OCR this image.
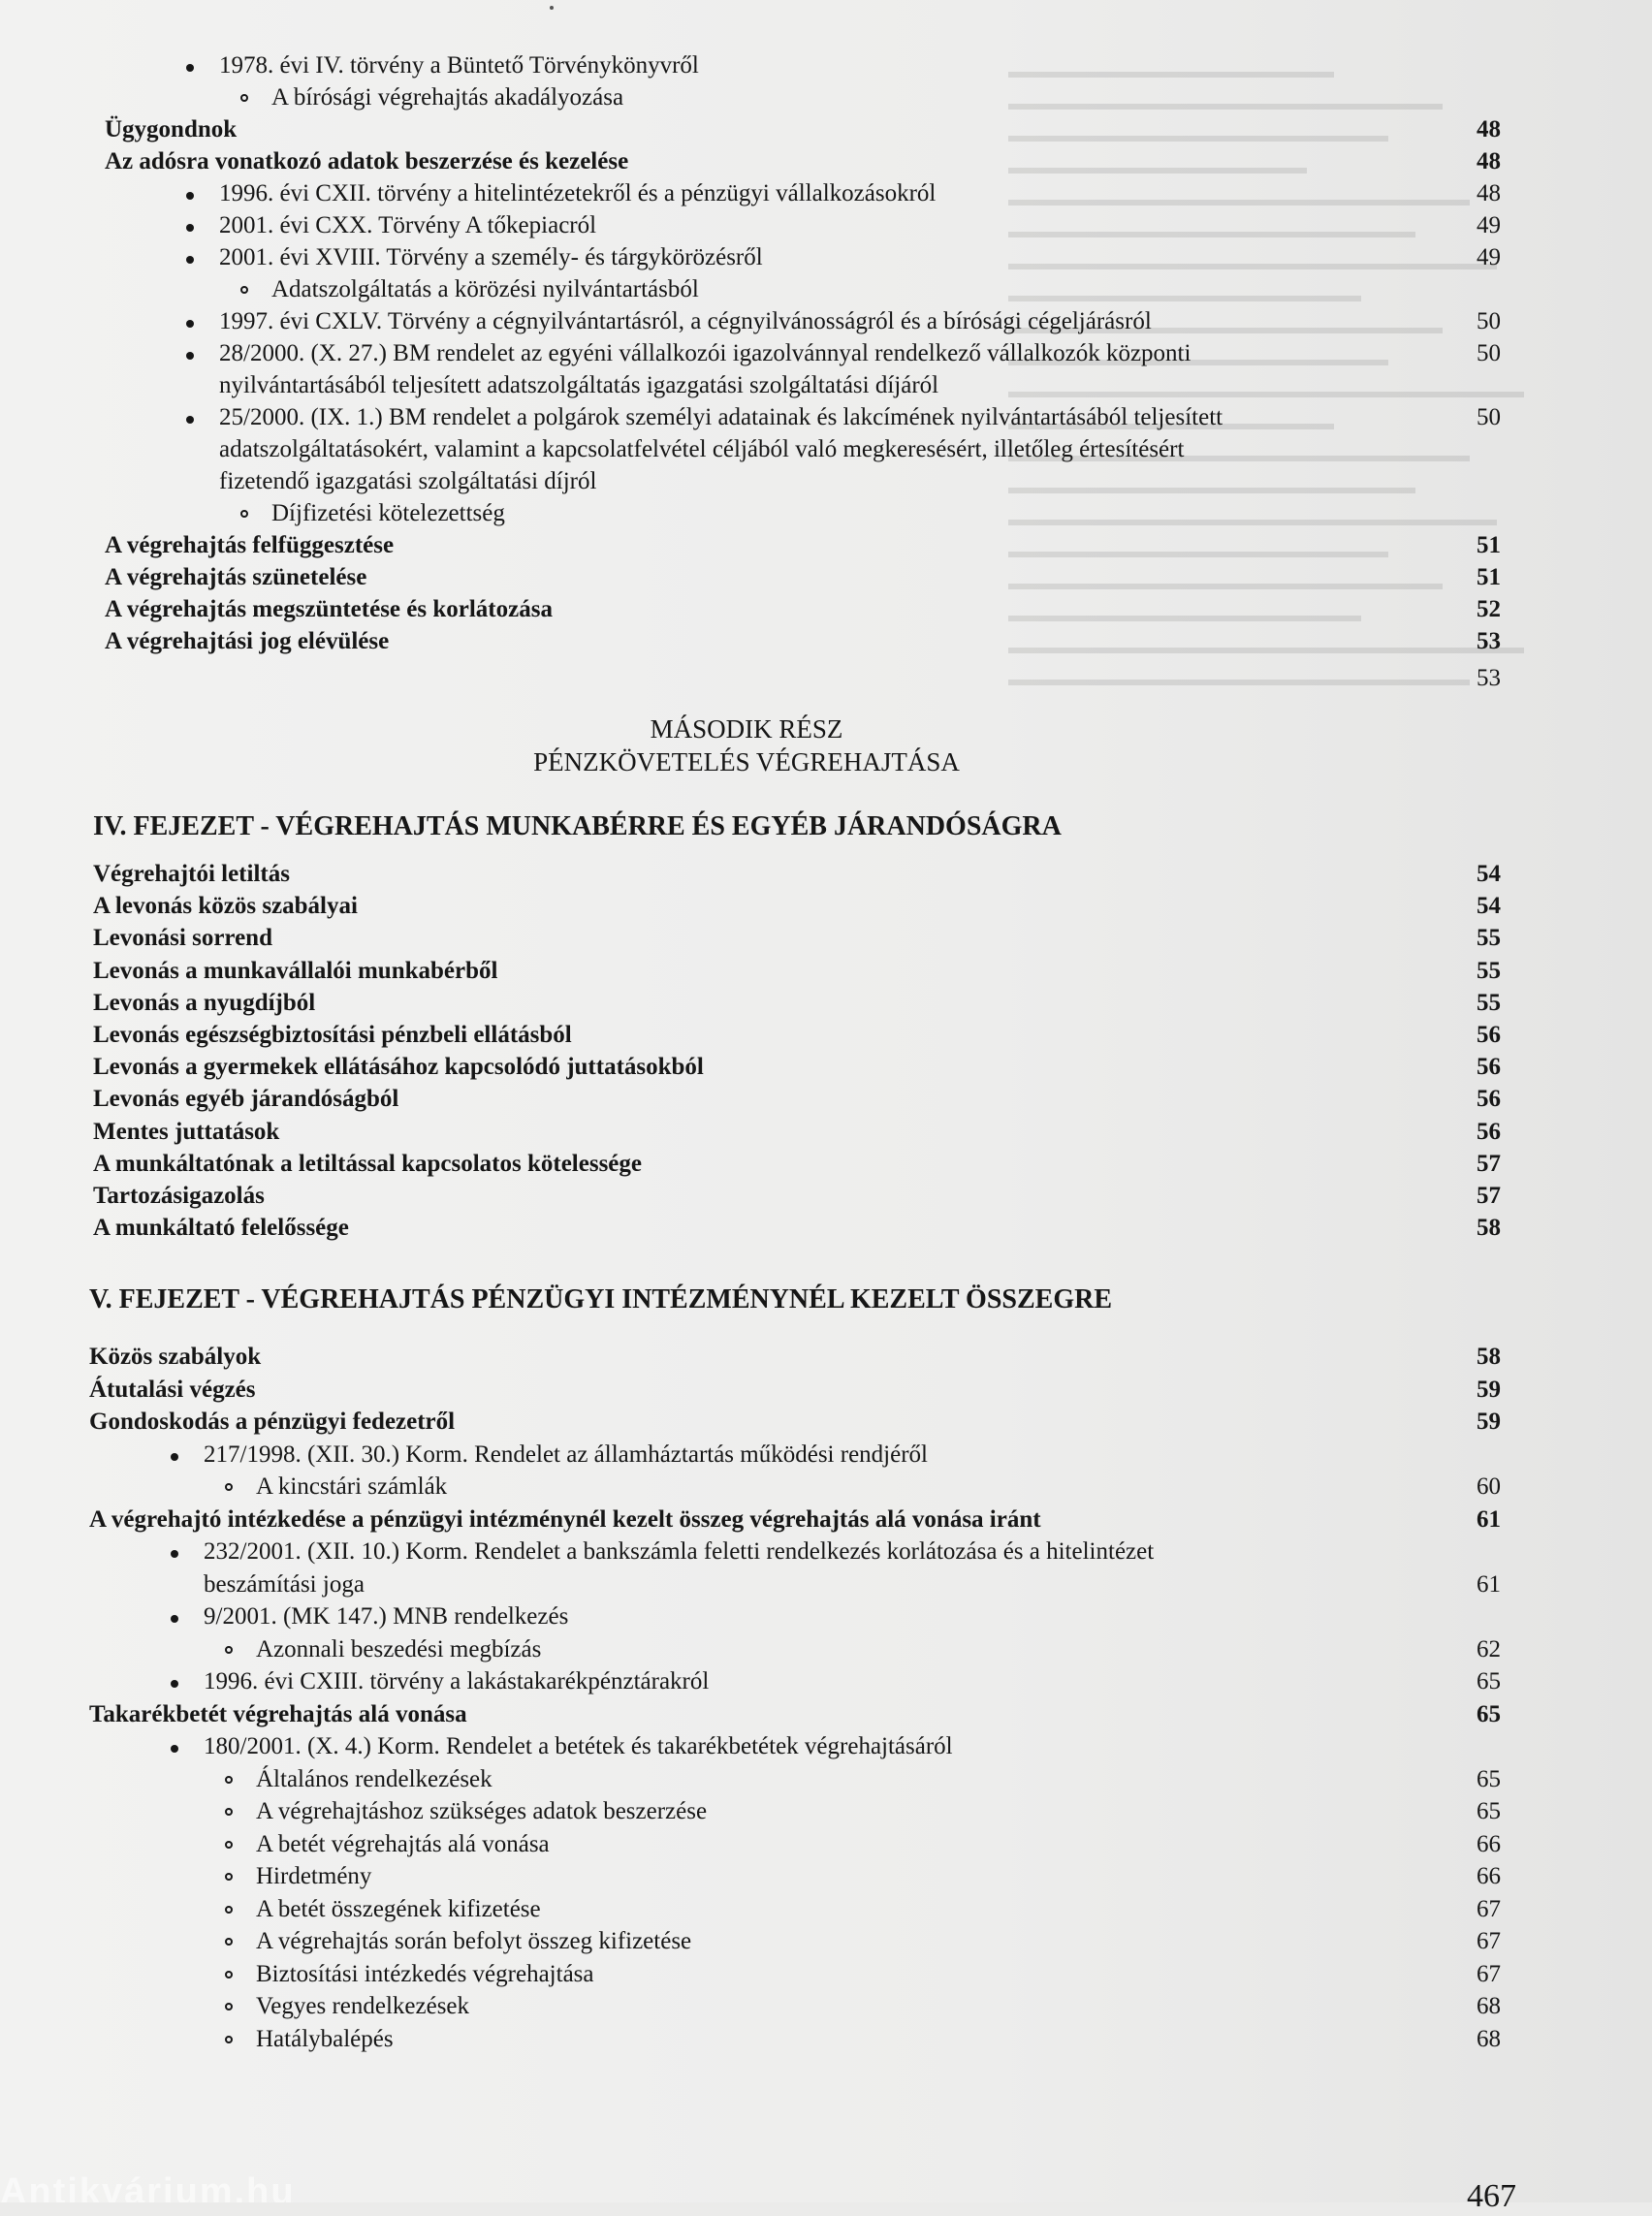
53
MÁSODIK RÉSZ
PÉNZKÖVETELÉS VÉGREHAJTÁSA
IV. FEJEZET - VÉGREHAJTÁS MUNKABÉRRE ÉS EGYÉB JÁRANDÓSÁGRA
V. FEJEZET - VÉGREHAJTÁS PÉNZÜGYI INTÉZMÉNYNÉL KEZELT ÖSSZEGRE
467
Antikvárium.hu
1978. évi IV. törvény a Büntető Törvénykönyvről
A bírósági végrehajtás akadályozása
Ügygondnok	48
Az adósra vonatkozó adatok beszerzése és kezelése	48
1996. évi CXII. törvény a hitelintézetekről és a pénzügyi vállalkozásokról	48
2001. évi CXX. Törvény A tőkepiacról	49
2001. évi XVIII. Törvény a személy- és tárgykörözésről	49
Adatszolgáltatás a körözési nyilvántartásból
1997. évi CXLV. Törvény a cégnyilvántartásról, a cégnyilvánosságról és a bírósági cégeljárásról	50
28/2000. (X. 27.) BM rendelet az egyéni vállalkozói igazolvánnyal rendelkező vállalkozók központi	50
nyilvántartásából teljesített adatszolgáltatás igazgatási szolgáltatási díjáról
25/2000. (IX. 1.) BM rendelet a polgárok személyi adatainak és lakcímének nyilvántartásából teljesített	50
adatszolgáltatásokért, valamint a kapcsolatfelvétel céljából való megkeresésért, illetőleg értesítésért
fizetendő igazgatási szolgáltatási díjról
Díjfizetési kötelezettség
A végrehajtás felfüggesztése	51
A végrehajtás szünetelése	51
A végrehajtás megszüntetése és korlátozása	52
A végrehajtási jog elévülése	53
Végrehajtói letiltás	54
A levonás közös szabályai	54
Levonási sorrend	55
Levonás a munkavállalói munkabérből	55
Levonás a nyugdíjból	55
Levonás egészségbiztosítási pénzbeli ellátásból	56
Levonás a gyermekek ellátásához kapcsolódó juttatásokból	56
Levonás egyéb járandóságból	56
Mentes juttatások	56
A munkáltatónak a letiltással kapcsolatos kötelessége	57
Tartozásigazolás	57
A munkáltató felelőssége	58
Közös szabályok	58
Átutalási végzés	59
Gondoskodás a pénzügyi fedezetről	59
217/1998. (XII. 30.) Korm. Rendelet az államháztartás működési rendjéről
A kincstári számlák	60
A végrehajtó intézkedése a pénzügyi intézménynél kezelt összeg végrehajtás alá vonása iránt	61
232/2001. (XII. 10.) Korm. Rendelet a bankszámla feletti rendelkezés korlátozása és a hitelintézet
beszámítási joga	61
9/2001. (MK 147.) MNB rendelkezés
Azonnali beszedési megbízás	62
1996. évi CXIII. törvény a lakástakarékpénztárakról	65
Takarékbetét végrehajtás alá vonása	65
180/2001. (X. 4.) Korm. Rendelet a betétek és takarékbetétek végrehajtásáról
Általános rendelkezések	65
A végrehajtáshoz szükséges adatok beszerzése	65
A betét végrehajtás alá vonása	66
Hirdetmény	66
A betét összegének kifizetése	67
A végrehajtás során befolyt összeg kifizetése	67
Biztosítási intézkedés végrehajtása	67
Vegyes rendelkezések	68
Hatálybalépés	68
